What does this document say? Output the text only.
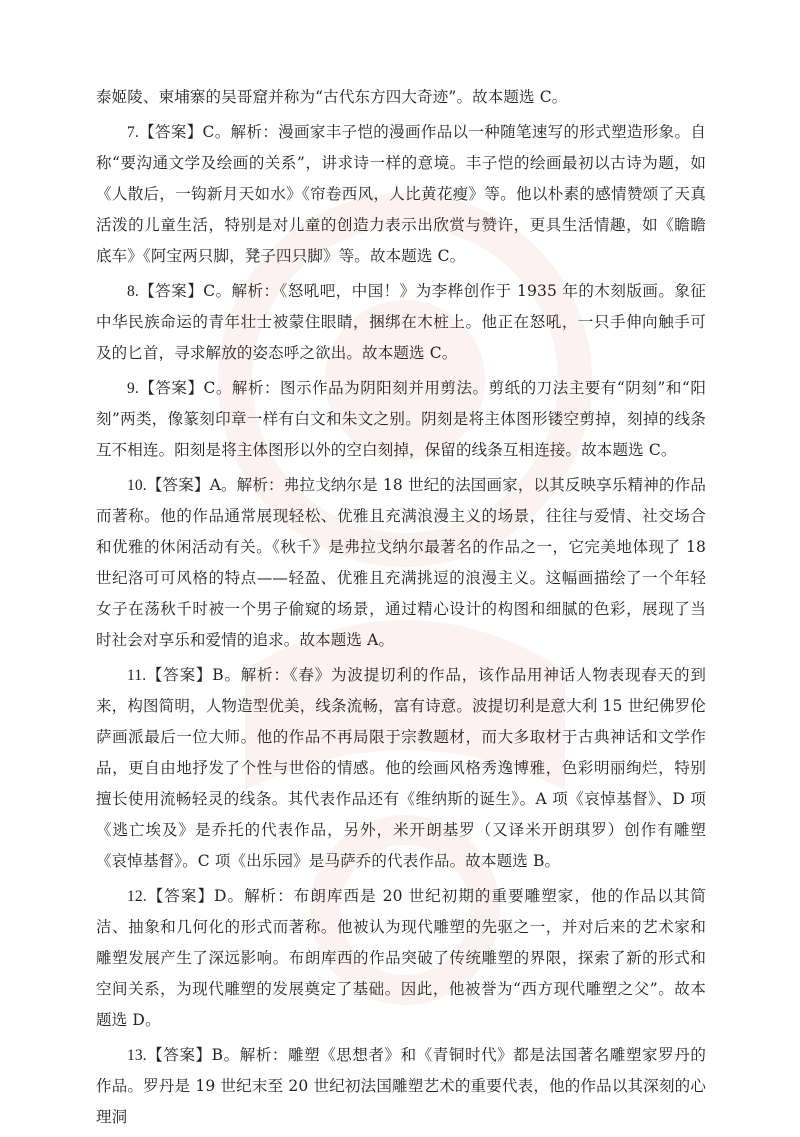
泰姬陵、柬埔寨的吴哥窟并称为“古代东方四大奇迹”。故本题选 C。

7.【答案】C。解析：漫画家丰子恺的漫画作品以一种随笔速写的形式塑造形象。自称“要沟通文学及绘画的关系”，讲求诗一样的意境。丰子恺的绘画最初以古诗为题，如《人散后，一钩新月天如水》《帘卷西风，人比黄花瘦》等。他以朴素的感情赞颂了天真活泼的儿童生活，特别是对儿童的创造力表示出欣赏与赞许，更具生活情趣，如《瞻瞻底车》《阿宝两只脚，凳子四只脚》等。故本题选 C。

8.【答案】C。解析：《怒吼吧，中国！》为李桦创作于 1935 年的木刻版画。象征中华民族命运的青年壮士被蒙住眼睛，捆绑在木桩上。他正在怒吼，一只手伸向触手可及的匕首，寻求解放的姿态呼之欲出。故本题选 C。

9.【答案】C。解析：图示作品为阴阳刻并用剪法。剪纸的刀法主要有“阴刻”和“阳刻”两类，像篆刻印章一样有白文和朱文之别。阴刻是将主体图形镂空剪掉，刻掉的线条互不相连。阳刻是将主体图形以外的空白刻掉，保留的线条互相连接。故本题选 C。

10.【答案】A。解析：弗拉戈纳尔是 18 世纪的法国画家，以其反映享乐精神的作品而著称。他的作品通常展现轻松、优雅且充满浪漫主义的场景，往往与爱情、社交场合和优雅的休闲活动有关。《秋千》是弗拉戈纳尔最著名的作品之一，它完美地体现了 18 世纪洛可可风格的特点——轻盈、优雅且充满挑逗的浪漫主义。这幅画描绘了一个年轻女子在荡秋千时被一个男子偷窥的场景，通过精心设计的构图和细腻的色彩，展现了当时社会对享乐和爱情的追求。故本题选 A。

11.【答案】B。解析：《春》为波提切利的作品，该作品用神话人物表现春天的到来，构图简明，人物造型优美，线条流畅，富有诗意。波提切利是意大利 15 世纪佛罗伦萨画派最后一位大师。他的作品不再局限于宗教题材，而大多取材于古典神话和文学作品，更自由地抒发了个性与世俗的情感。他的绘画风格秀逸博雅，色彩明丽绚烂，特别擅长使用流畅轻灵的线条。其代表作品还有《维纳斯的诞生》。A 项《哀悼基督》、D 项《逃亡埃及》是乔托的代表作品，另外，米开朗基罗（又译米开朗琪罗）创作有雕塑《哀悼基督》。C 项《出乐园》是马萨乔的代表作品。故本题选 B。

12.【答案】D。解析：布朗库西是 20 世纪初期的重要雕塑家，他的作品以其简洁、抽象和几何化的形式而著称。他被认为现代雕塑的先驱之一，并对后来的艺术家和雕塑发展产生了深远影响。布朗库西的作品突破了传统雕塑的界限，探索了新的形式和空间关系，为现代雕塑的发展奠定了基础。因此，他被誉为“西方现代雕塑之父”。故本题选 D。

13.【答案】B。解析：雕塑《思想者》和《青铜时代》都是法国著名雕塑家罗丹的作品。罗丹是 19 世纪末至 20 世纪初法国雕塑艺术的重要代表，他的作品以其深刻的心理洞
